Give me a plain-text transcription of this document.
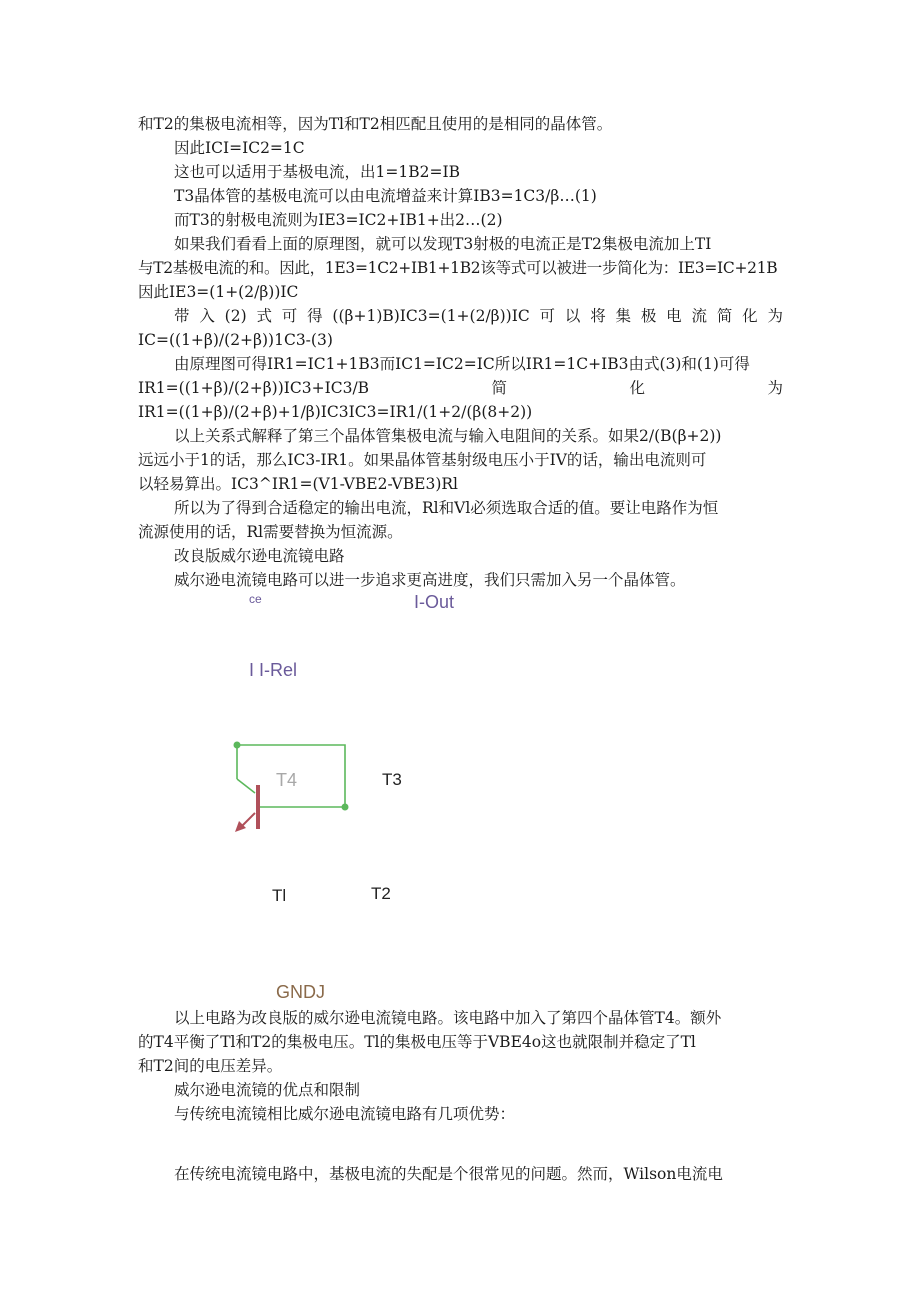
和T2的集极电流相等，因为Tl和T2相匹配且使用的是相同的晶体管。

因此ICI=IC2=1C

这也可以适用于基极电流，出1=1B2=IB

T3晶体管的基极电流可以由电流增益来计算IB3=1C3/β…(1)

而T3的射极电流则为IE3=IC2+IB1+出2…(2)

如果我们看看上面的原理图，就可以发现T3射极的电流正是T2集极电流加上TI

与T2基极电流的和。因此，1E3=1C2+IB1+1B2该等式可以被进一步简化为：IE3=IC+21B

因此IE3=(1+(2/β))IC

带 入 (2) 式 可 得 ((β+1)B)IC3=(1+(2/β))IC 可 以 将 集 极 电 流 简 化 为

IC=((1+β)/(2+β))1C3-(3)

由原理图可得IR1=IC1+1B3而IC1=IC2=IC所以IR1=1C+IB3由式(3)和(1)可得

IR1=((1+β)/(2+β))IC3+IC3/B	简	化	为

IR1=((1+β)/(2+β)+1/β)IC3IC3=IR1/(1+2/(β(8+2))

以上关系式解释了第三个晶体管集极电流与输入电阻间的关系。如果2/(B(β+2))

远远小于1的话，那么IC3-IR1。如果晶体管基射级电压小于IV的话，输出电流则可

以轻易算出。IC3^IR1=(V1-VBE2-VBE3)Rl

所以为了得到合适稳定的输出电流，Rl和Vl必须选取合适的值。要让电路作为恒

流源使用的话，Rl需要替换为恒流源。

改良版威尔逊电流镜电路

威尔逊电流镜电路可以进一步追求更高进度，我们只需加入另一个晶体管。

ce	I-Out
I I-Rel
T4	T3
Tl	T2
GNDJ

以上电路为改良版的威尔逊电流镜电路。该电路中加入了第四个晶体管T4。额外

的T4平衡了Tl和T2的集极电压。Tl的集极电压等于VBE4o这也就限制并稳定了Tl

和T2间的电压差异。

威尔逊电流镜的优点和限制

与传统电流镜相比威尔逊电流镜电路有几项优势：

在传统电流镜电路中，基极电流的失配是个很常见的问题。然而，Wilson电流电
